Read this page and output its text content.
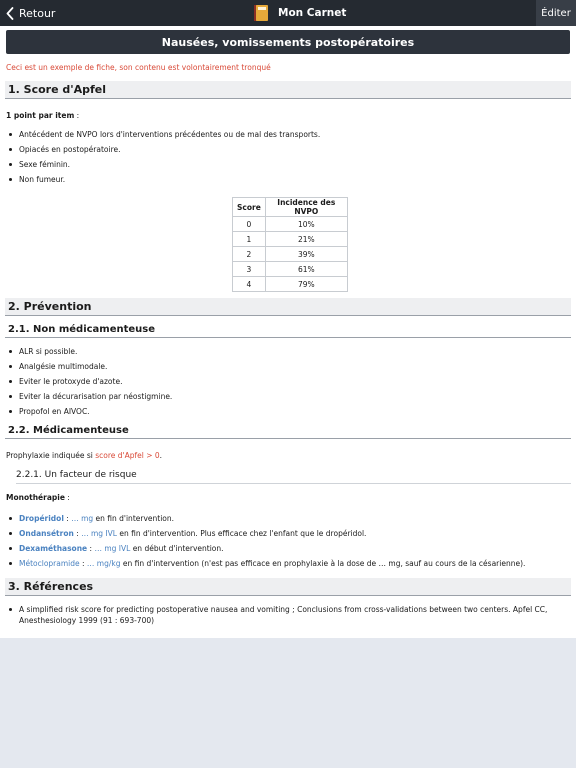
Retour	Mon Carnet	Éditer
Nausées, vomissements postopératoires
Ceci est un exemple de fiche, son contenu est volontairement tronqué
1. Score d'Apfel
1 point par item :
Antécédent de NVPO lors d'interventions précédentes ou de mal des transports.
Opiacés en postopératoire.
Sexe féminin.
Non fumeur.
Score	Incidence des NVPO
0	10%
1	21%
2	39%
3	61%
4	79%
2. Prévention
2.1. Non médicamenteuse
ALR si possible.
Analgésie multimodale.
Eviter le protoxyde d'azote.
Eviter la décurarisation par néostigmine.
Propofol en AIVOC.
2.2. Médicamenteuse
Prophylaxie indiquée si score d'Apfel > 0.
2.2.1. Un facteur de risque
Monothérapie :
Dropéridol : … mg en fin d'intervention.
Ondansétron : … mg IVL en fin d'intervention. Plus efficace chez l'enfant que le dropéridol.
Dexaméthasone : … mg IVL en début d'intervention.
Métoclopramide : … mg/kg en fin d'intervention (n'est pas efficace en prophylaxie à la dose de … mg, sauf au cours de la césarienne).
3. Références
A simplified risk score for predicting postoperative nausea and vomiting ; Conclusions from cross-validations between two centers. Apfel CC, Anesthesiology 1999 (91 : 693-700)
